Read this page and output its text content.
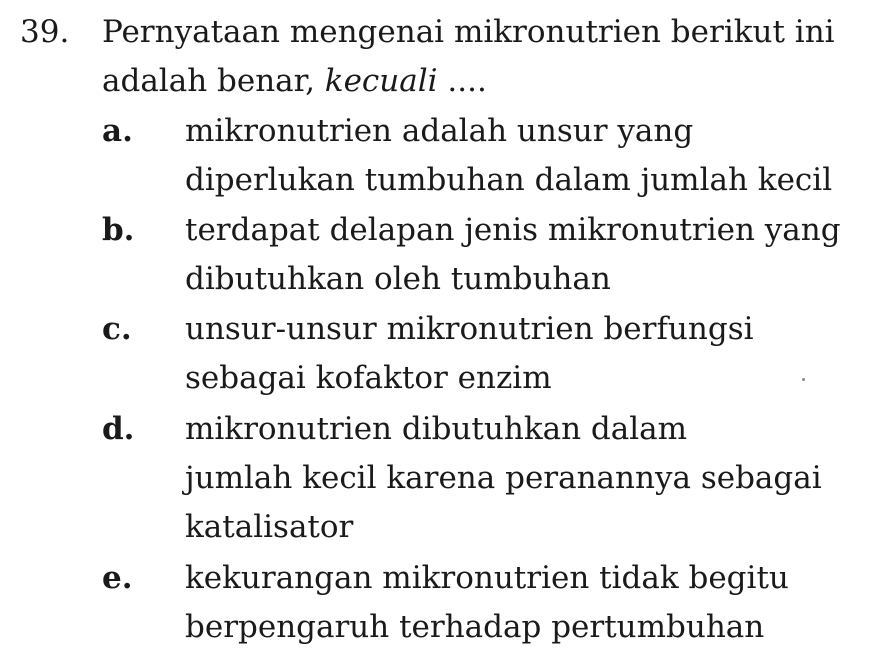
39. Pernyataan mengenai mikronutrien berikut ini
adalah benar, kecuali ....
a. mikronutrien adalah unsur yang
diperlukan tumbuhan dalam jumlah kecil
b. terdapat delapan jenis mikronutrien yang
dibutuhkan oleh tumbuhan
c. unsur-unsur mikronutrien berfungsi
sebagai kofaktor enzim
d. mikronutrien dibutuhkan dalam
jumlah kecil karena peranannya sebagai
katalisator
e. kekurangan mikronutrien tidak begitu
berpengaruh terhadap pertumbuhan
